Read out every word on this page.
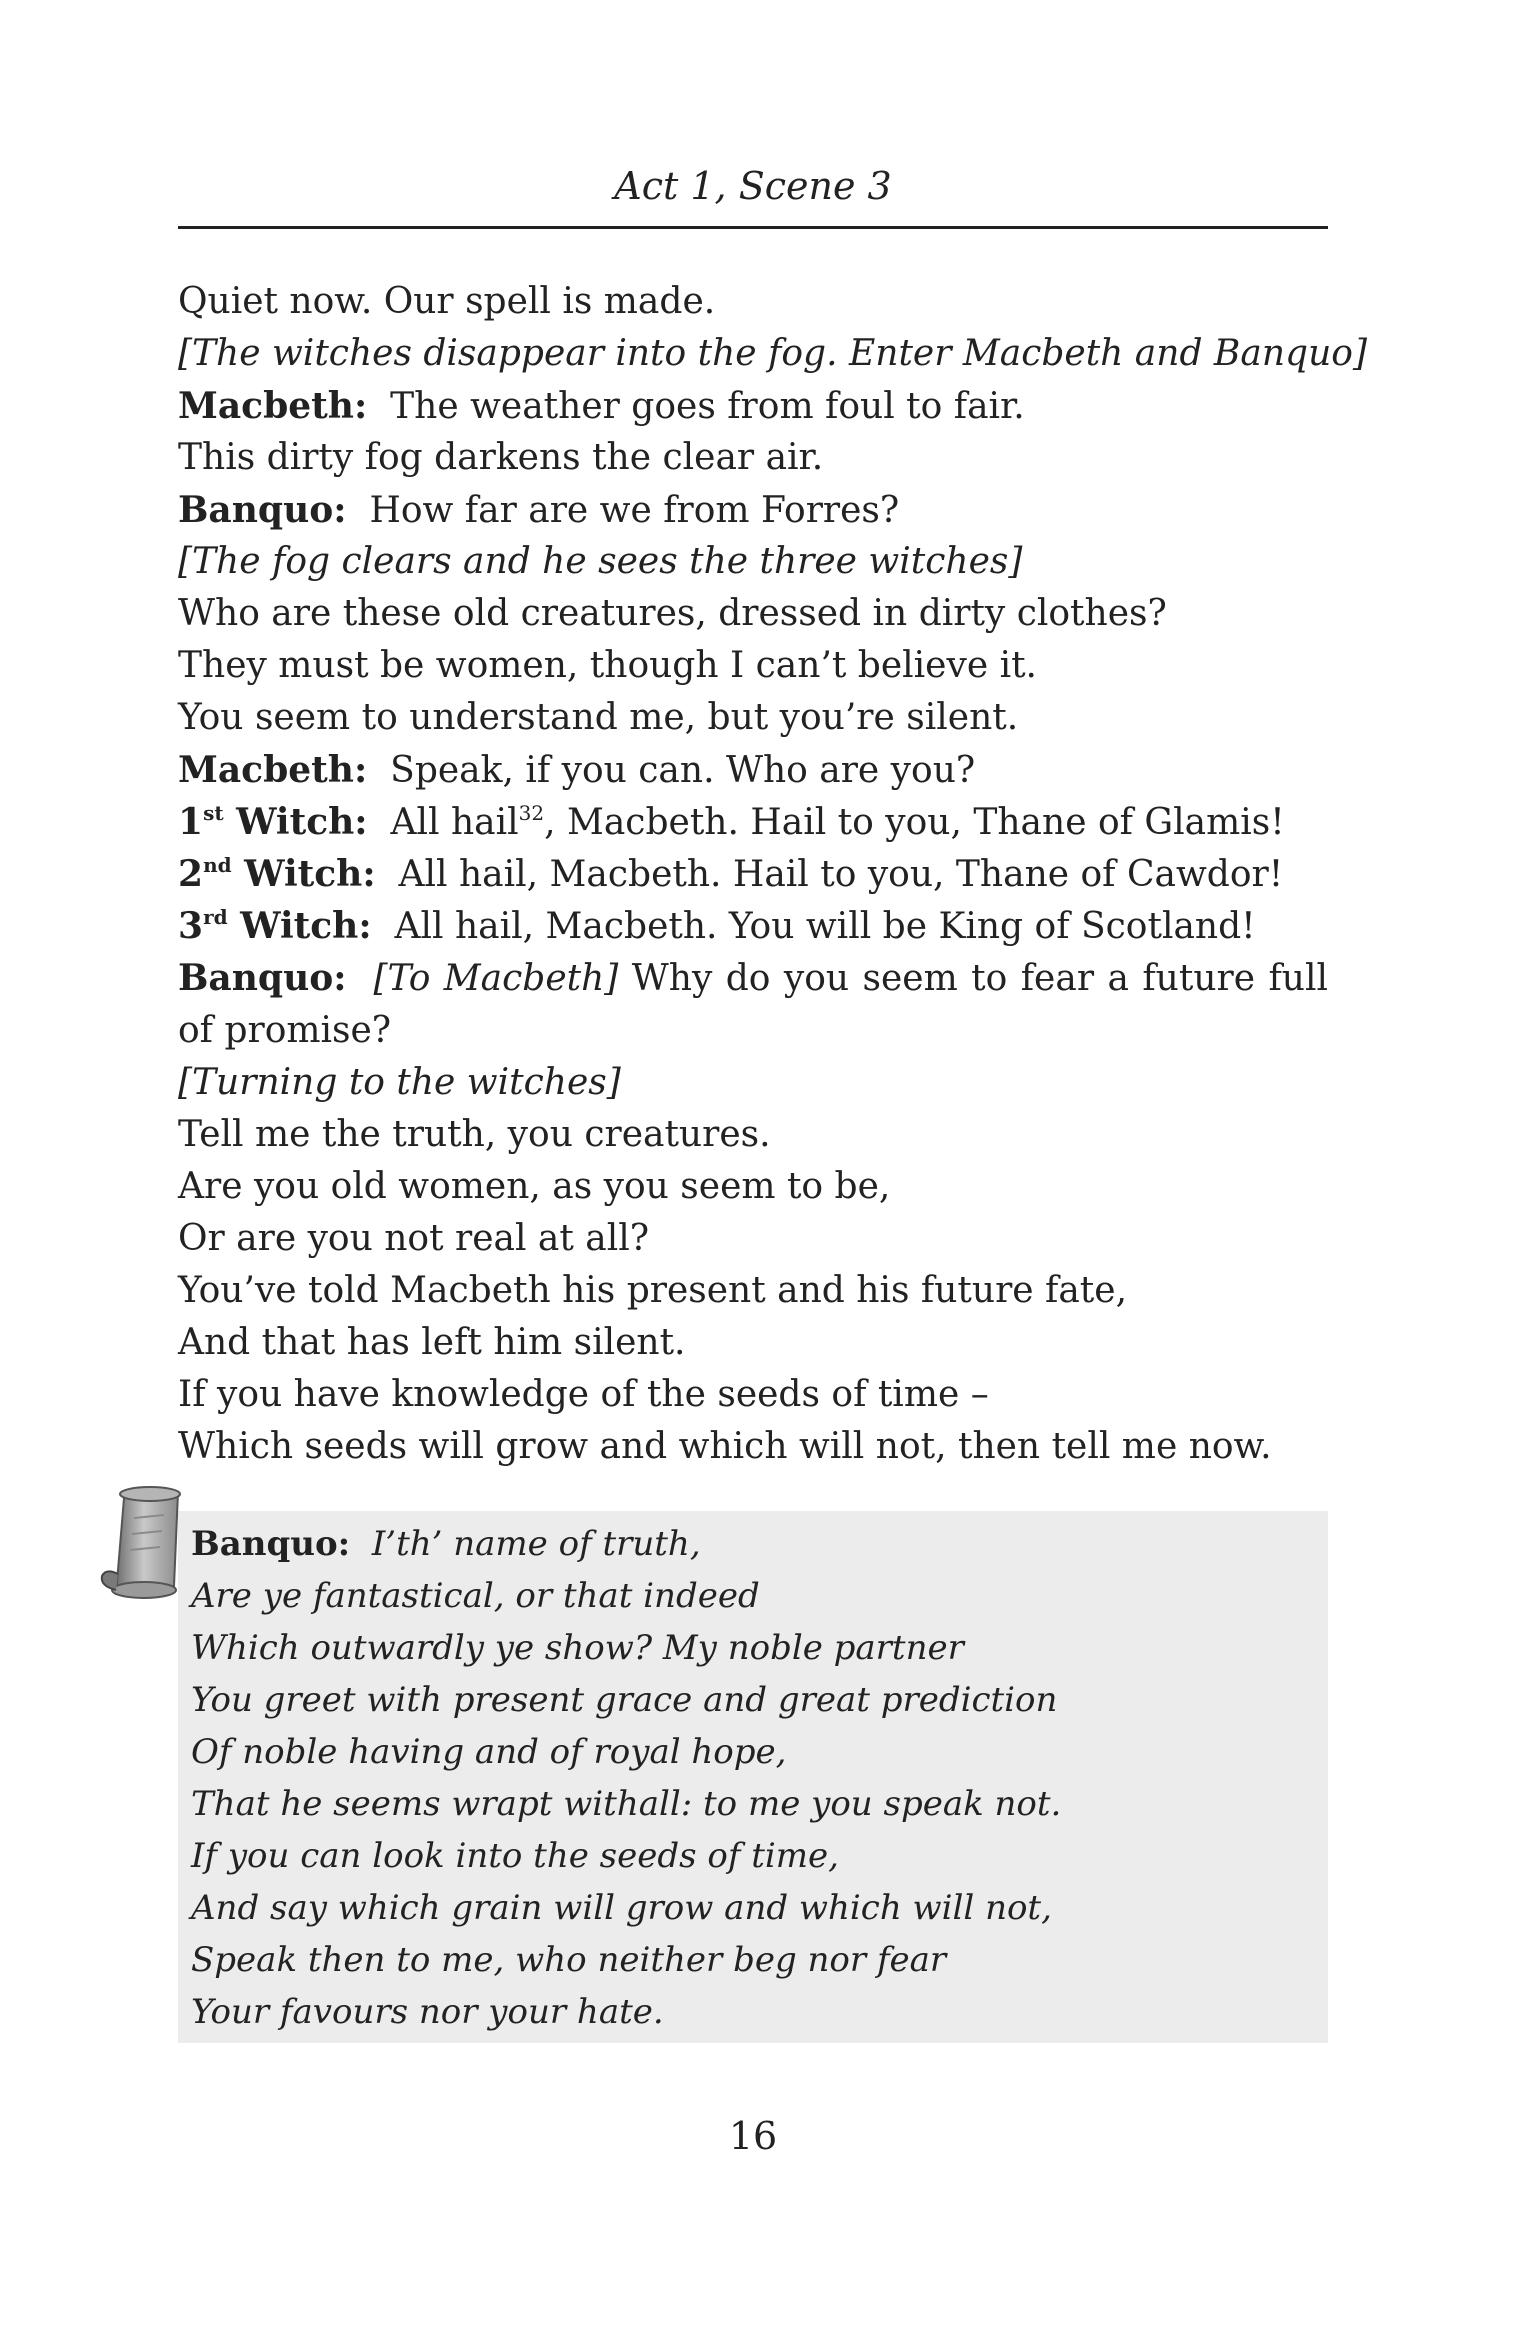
Act 1, Scene 3
Quiet now. Our spell is made.
[The witches disappear into the fog. Enter Macbeth and Banquo]
Macbeth: The weather goes from foul to fair.
This dirty fog darkens the clear air.
Banquo: How far are we from Forres?
[The fog clears and he sees the three witches]
Who are these old creatures, dressed in dirty clothes?
They must be women, though I can’t believe it.
You seem to understand me, but you’re silent.
Macbeth: Speak, if you can. Who are you?
1st Witch: All hail$^{32}$, Macbeth. Hail to you, Thane of Glamis!
2nd Witch: All hail, Macbeth. Hail to you, Thane of Cawdor!
3rd Witch: All hail, Macbeth. You will be King of Scotland!
Banquo: [To Macbeth] Why do you seem to fear a future full of promise?
[Turning to the witches]
Tell me the truth, you creatures.
Are you old women, as you seem to be,
Or are you not real at all?
You’ve told Macbeth his present and his future fate,
And that has left him silent.
If you have knowledge of the seeds of time –
Which seeds will grow and which will not, then tell me now.
Banquo: I’th’ name of truth,
Are ye fantastical, or that indeed
Which outwardly ye show? My noble partner
You greet with present grace and great prediction
Of noble having and of royal hope,
That he seems wrapt withall: to me you speak not.
If you can look into the seeds of time,
And say which grain will grow and which will not,
Speak then to me, who neither beg nor fear
Your favours nor your hate.
16
